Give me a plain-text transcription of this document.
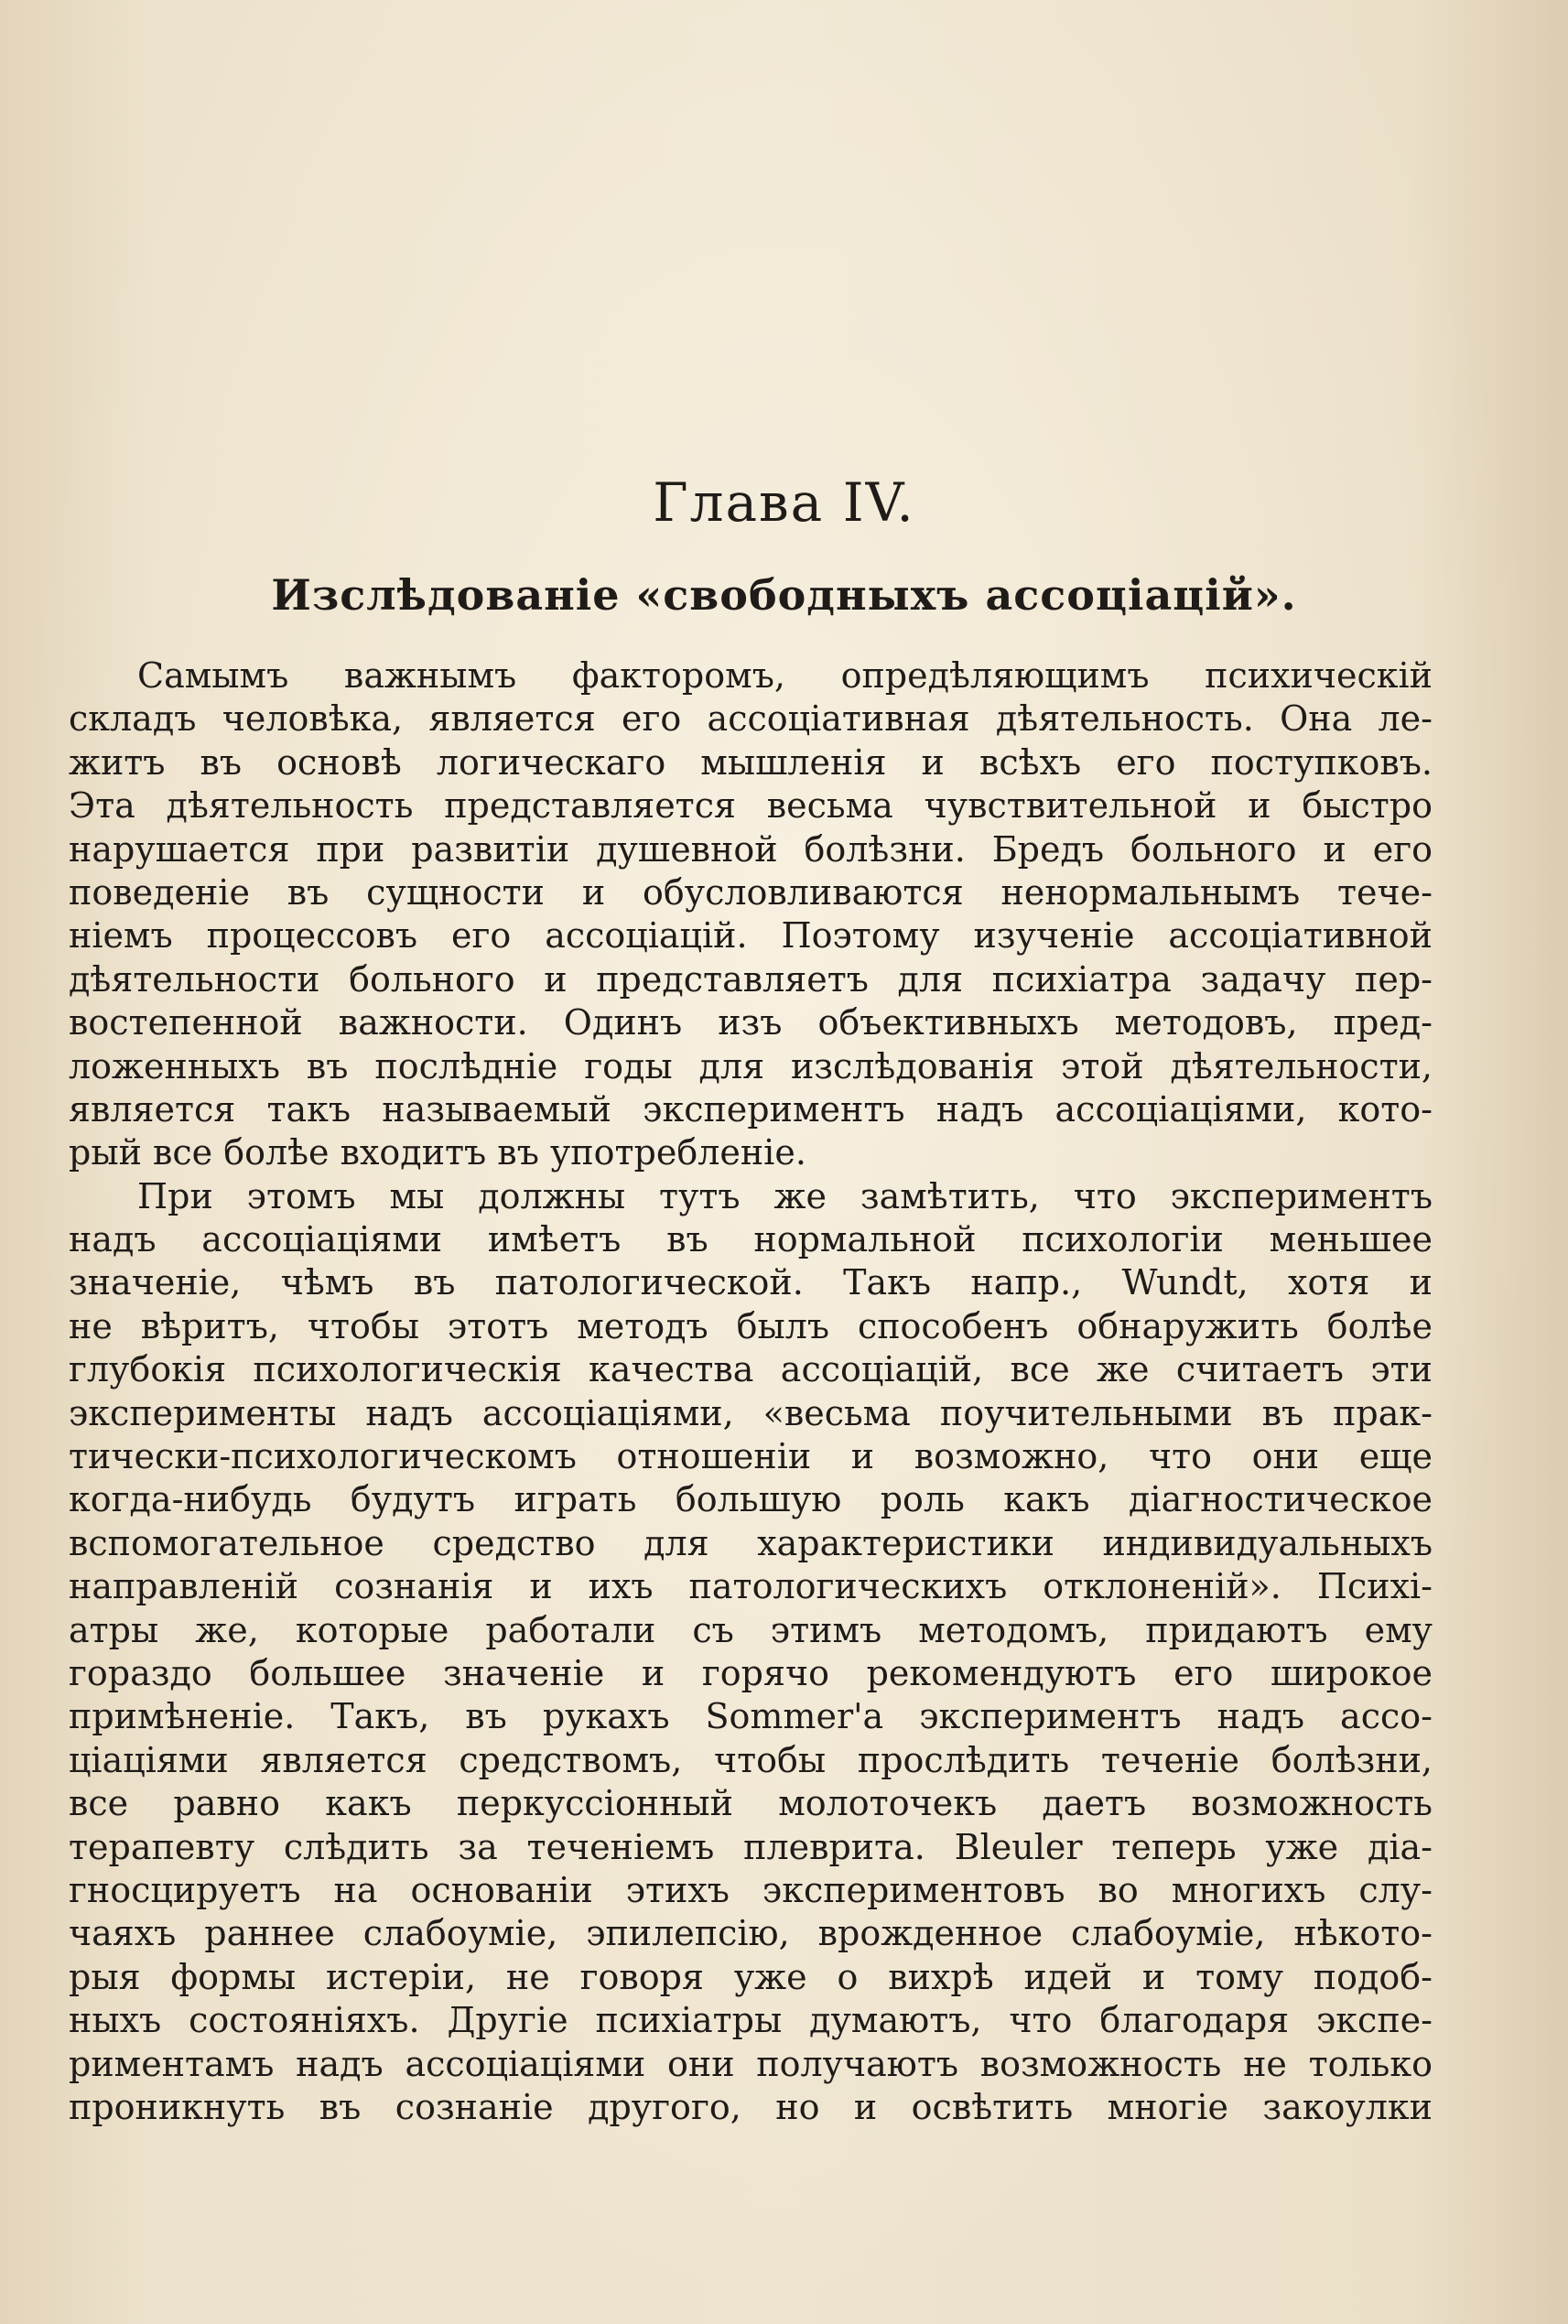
Глава IV.
Изслѣдованіе «свободныхъ ассоціацій».
Самымъ важнымъ факторомъ, опредѣляющимъ психическій
складъ человѣка, является его ассоціативная дѣятельность. Она ле-
житъ въ основѣ логическаго мышленія и всѣхъ его поступковъ.
Эта дѣятельность представляется весьма чувствительной и быстро
нарушается при развитіи душевной болѣзни. Бредъ больного и его
поведеніе въ сущности и обусловливаются ненормальнымъ тече-
ніемъ процессовъ его ассоціацій. Поэтому изученіе ассоціативной
дѣятельности больного и представляетъ для психіатра задачу пер-
востепенной важности. Одинъ изъ объективныхъ методовъ, пред-
ложенныхъ въ послѣдніе годы для изслѣдованія этой дѣятельности,
является такъ называемый экспериментъ надъ ассоціаціями, кото-
рый все болѣе входитъ въ употребленіе.
При этомъ мы должны тутъ же замѣтить, что экспериментъ
надъ ассоціаціями имѣетъ въ нормальной психологіи меньшее
значеніе, чѣмъ въ патологической. Такъ напр., Wundt, хотя и
не вѣритъ, чтобы этотъ методъ былъ способенъ обнаружить болѣе
глубокія психологическія качества ассоціацій, все же считаетъ эти
эксперименты надъ ассоціаціями, «весьма поучительными въ прак-
тически-психологическомъ отношеніи и возможно, что они еще
когда-нибудь будутъ играть большую роль какъ діагностическое
вспомогательное средство для характеристики индивидуальныхъ
направленій сознанія и ихъ патологическихъ отклоненій». Психі-
атры же, которые работали съ этимъ методомъ, придаютъ ему
гораздо большее значеніе и горячо рекомендуютъ его широкое
примѣненіе. Такъ, въ рукахъ Sommer'а экспериментъ надъ ассо-
ціаціями является средствомъ, чтобы прослѣдить теченіе болѣзни,
все равно какъ перкуссіонный молоточекъ даетъ возможность
терапевту слѣдить за теченіемъ плеврита. Bleuler теперь уже діа-
гносцируетъ на основаніи этихъ экспериментовъ во многихъ слу-
чаяхъ раннее слабоуміе, эпилепсію, врожденное слабоуміе, нѣкото-
рыя формы истеріи, не говоря уже о вихрѣ идей и тому подоб-
ныхъ состояніяхъ. Другіе психіатры думаютъ, что благодаря экспе-
риментамъ надъ ассоціаціями они получаютъ возможность не только
проникнуть въ сознаніе другого, но и освѣтить многіе закоулки
